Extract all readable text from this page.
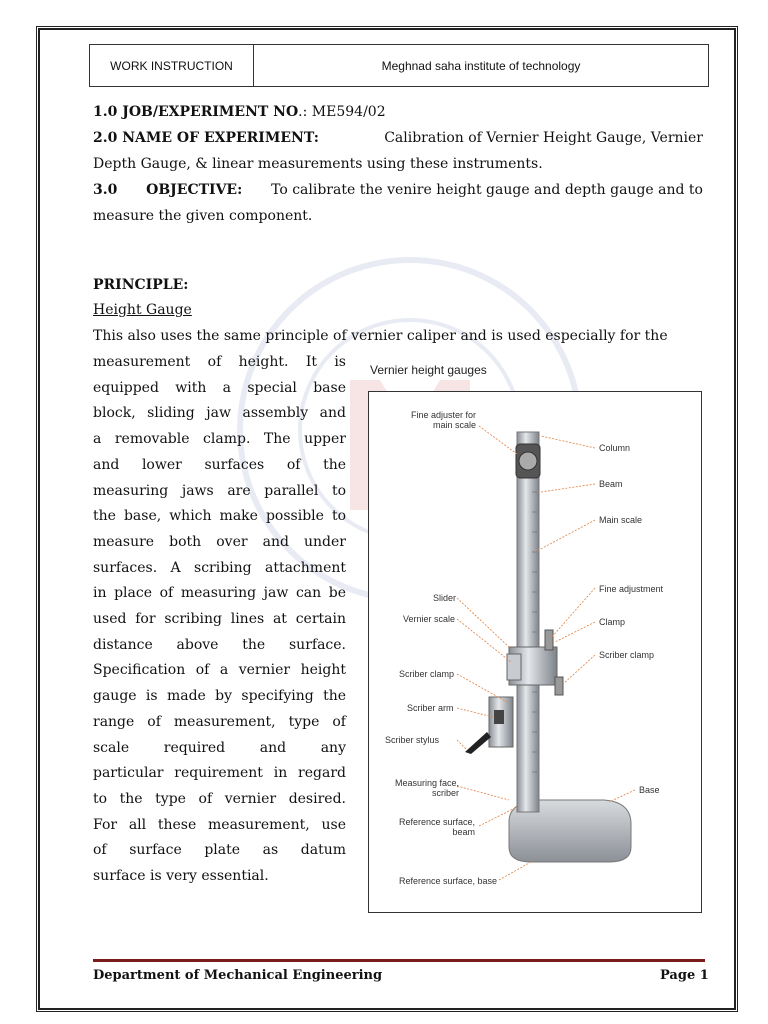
WORK INSTRUCTION	Meghnad saha institute of technology
1.0 JOB/EXPERIMENT NO.: ME594/02
2.0 NAME OF EXPERIMENT:	Calibration of Vernier Height Gauge, Vernier
Depth Gauge, & linear measurements using these instruments.
3.0 OBJECTIVE: To calibrate the venire height gauge and depth gauge and to
measure the given component.
PRINCIPLE:
Height Gauge
This also uses the same principle of vernier caliper and is used especially for the
measurement of height. It is
equipped with a special base
block, sliding jaw assembly and
a removable clamp. The upper
and lower surfaces of the
measuring jaws are parallel to
the base, which make possible to
measure both over and under
surfaces. A scribing attachment
in place of measuring jaw can be
used for scribing lines at certain
distance above the surface.
Specification of a vernier height
gauge is made by specifying the
range of measurement, type of
scale required and any
particular requirement in regard
to the type of vernier desired.
For all these measurement, use
of surface plate as datum
surface is very essential.
Vernier height gauges
Fine adjuster for
main scale
Column
Beam
Main scale
Fine adjustment
Slider
Clamp
Vernier scale
Scriber clamp
Scriber clamp
Scriber arm
Scriber stylus
Measuring face,
scriber	Base
Reference surface,
beam
Reference surface, base
Department of Mechanical Engineering	Page 1
